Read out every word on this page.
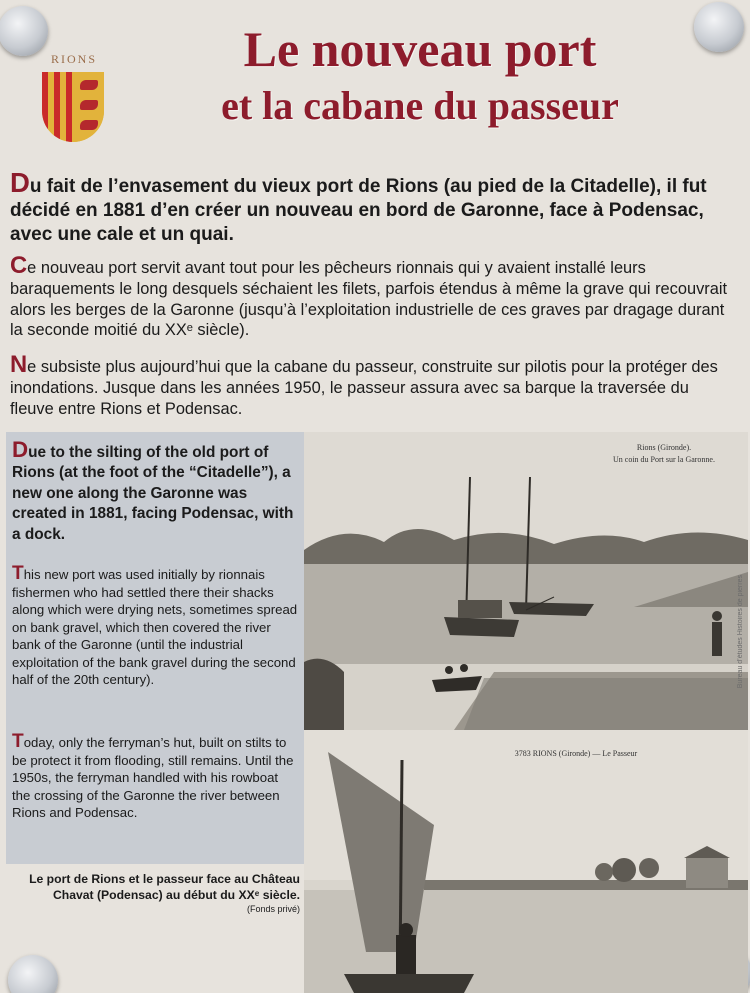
RIONS	Le nouveau port
et la cabane du passeur
Du fait de l’envasement du vieux port de Rions (au pied de la Citadelle), il fut décidé en 1881 d’en créer un nouveau en bord de Garonne, face à Podensac, avec une cale et un quai.
Ce nouveau port servit avant tout pour les pêcheurs rionnais qui y avaient installé leurs baraquements le long desquels séchaient les filets, parfois étendus à même la grave qui recouvrait alors les berges de la Garonne (jusqu’à l’exploitation industrielle de ces graves par dragage durant la seconde moitié du XXᵉ siècle).
Ne subsiste plus aujourd’hui que la cabane du passeur, construite sur pilotis pour la protéger des inondations. Jusque dans les années 1950, le passeur assura avec sa barque la traversée du fleuve entre Rions et Podensac.
Due to the silting of the old port of Rions (at the foot of the “Citadelle”), a new one along the Garonne was created in 1881, facing Podensac, with a dock.
This new port was used initially by rionnais fishermen who had settled there their shacks along which were drying nets, sometimes spread on bank gravel, which then covered the river bank of the Garonne (until the industrial exploitation of the bank gravel during the second half of the 20th century).
Today, only the ferryman’s hut, built on stilts to be protect it from flooding, still remains. Until the 1950s, the ferryman handled with his rowboat the crossing of the Garonne the river between Rions and Podensac.
Le port de Rions et le passeur face au Château Chavat (Podensac) au début du XXᵉ siècle.
(Fonds privé)
Rions (Gironde).
Un coin du Port sur la Garonne.
3783 RIONS (Gironde) — Le Passeur
Bureau d’études Histoires de pierres
